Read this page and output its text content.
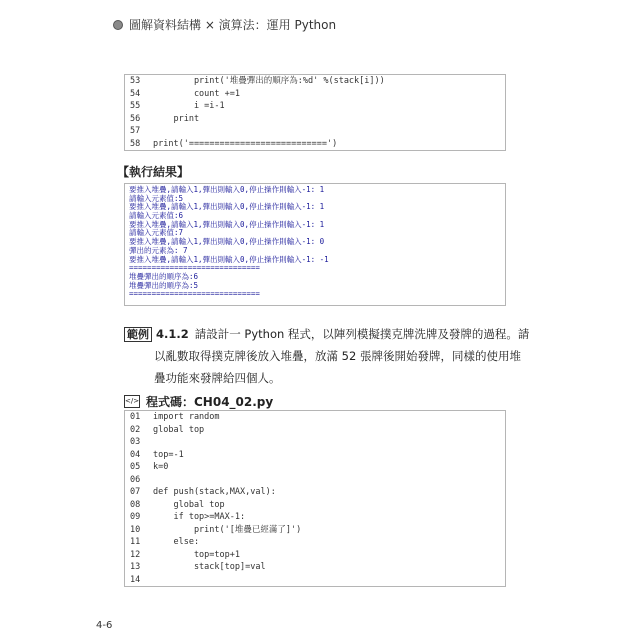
圖解資料結構 × 演算法：運用 Python
53	print('堆疊彈出的順序為:%d' %(stack[i]))
54	count +=1
55	i =i-1
56	print
57
58	print('===========================')
【執行結果】
要推入堆疊,請輸入1,彈出則輸入0,停止操作則輸入-1: 1
請輸入元素值:5
要推入堆疊,請輸入1,彈出則輸入0,停止操作則輸入-1: 1
請輸入元素值:6
要推入堆疊,請輸入1,彈出則輸入0,停止操作則輸入-1: 1
請輸入元素值:7
要推入堆疊,請輸入1,彈出則輸入0,停止操作則輸入-1: 0
彈出的元素為: 7
要推入堆疊,請輸入1,彈出則輸入0,停止操作則輸入-1: -1
=============================
堆疊彈出的順序為:6
堆疊彈出的順序為:5
=============================
範例 4.1.2 請設計一 Python 程式，以陣列模擬撲克牌洗牌及發牌的過程。請
以亂數取得撲克牌後放入堆疊，放滿 52 張牌後開始發牌，同樣的使用堆
疊功能來發牌給四個人。
</> 程式碼：CH04_02.py
01	import random
02	global top
03
04	top=-1
05	k=0
06
07	def push(stack,MAX,val):
08	global top
09	if top>=MAX-1:
10	print('[堆疊已經滿了]')
11	else:
12	top=top+1
13	stack[top]=val
14
4-6
